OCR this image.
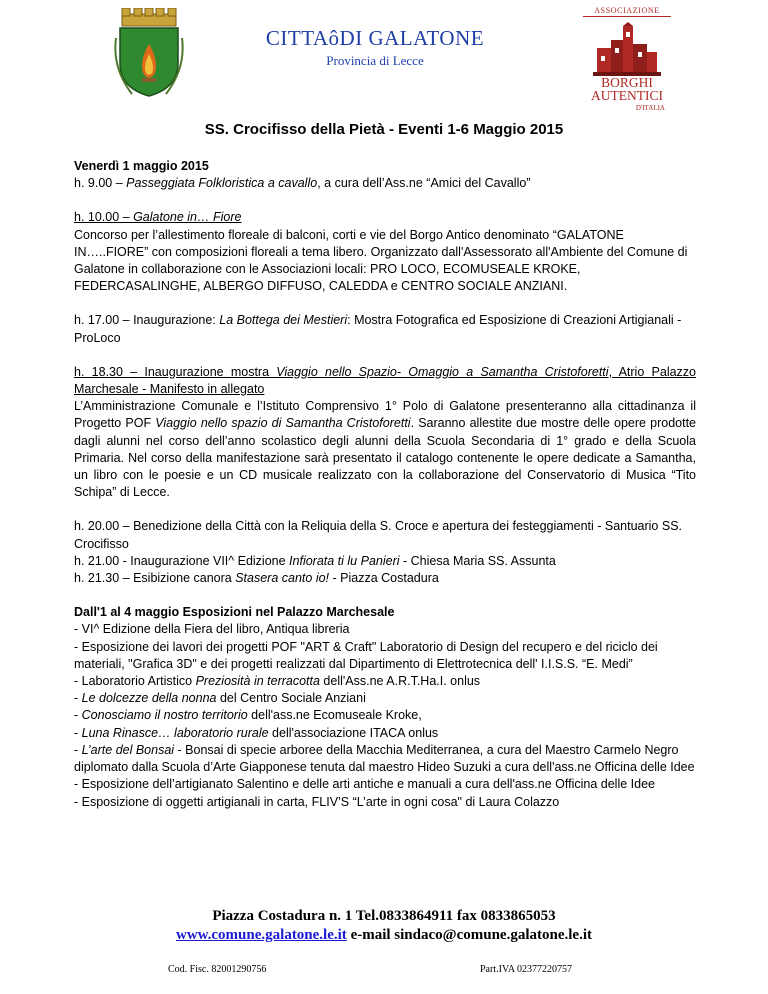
CITTAôDI GALATONE
Provincia di Lecce
ASSOCIAZIONE
BORGHI
AUTENTICI
D'ITALIA
SS. Crocifisso della Pietà - Eventi 1-6 Maggio 2015

Venerdì 1 maggio 2015

h. 9.00 – Passeggiata Folkloristica a cavallo, a cura dell’Ass.ne “Amici del Cavallo”

h. 10.00 – Galatone in… Fiore

Concorso per l’allestimento floreale di balconi, corti e vie del Borgo Antico denominato “GALATONE IN…..FIORE” con composizioni floreali a tema libero. Organizzato dall'Assessorato all'Ambiente del Comune di Galatone in collaborazione con le Associazioni locali: PRO LOCO, ECOMUSEALE KROKE, FEDERCASALINGHE, ALBERGO DIFFUSO, CALEDDA e CENTRO SOCIALE ANZIANI.

h. 17.00 – Inaugurazione: La Bottega dei Mestieri: Mostra Fotografica ed Esposizione di Creazioni Artigianali - ProLoco

h. 18.30 – Inaugurazione mostra Viaggio nello Spazio- Omaggio a Samantha Cristoforetti, Atrio Palazzo Marchesale - Manifesto in allegato

L’Amministrazione Comunale e l’Istituto Comprensivo 1° Polo di Galatone presenteranno alla cittadinanza il Progetto POF Viaggio nello spazio di Samantha Cristoforetti. Saranno allestite due mostre delle opere prodotte dagli alunni nel corso dell’anno scolastico degli alunni della Scuola Secondaria di 1° grado e della Scuola Primaria. Nel corso della manifestazione sarà presentato il catalogo contenente le opere dedicate a Samantha, un libro con le poesie e un CD musicale realizzato con la collaborazione del Conservatorio di Musica “Tito Schipa” di Lecce.

h. 20.00 – Benedizione della Città con la Reliquia della S. Croce e apertura dei festeggiamenti - Santuario SS. Crocifisso

h. 21.00 - Inaugurazione VII^ Edizione Infiorata ti lu Panieri - Chiesa Maria SS. Assunta

h. 21.30 – Esibizione canora Stasera canto io! - Piazza Costadura

Dall'1 al 4 maggio Esposizioni nel Palazzo Marchesale

- VI^ Edizione della Fiera del libro, Antiqua libreria

- Esposizione dei lavori dei progetti POF "ART & Craft" Laboratorio di Design del recupero e del riciclo dei materiali, "Grafica 3D" e dei progetti realizzati dal Dipartimento di Elettrotecnica dell' I.I.S.S. “E. Medi”

- Laboratorio Artistico Preziosità in terracotta dell'Ass.ne A.R.T.Ha.I. onlus

- Le dolcezze della nonna del Centro Sociale Anziani

- Conosciamo il nostro territorio dell'ass.ne Ecomuseale Kroke,

- Luna Rinasce… laboratorio rurale dell'associazione ITACA onlus

- L’arte del Bonsai - Bonsai di specie arboree della Macchia Mediterranea, a cura del Maestro Carmelo Negro diplomato dalla Scuola d’Arte Giapponese tenuta dal maestro Hideo Suzuki a cura dell'ass.ne Officina delle Idee

- Esposizione dell’artigianato Salentino e delle arti antiche e manuali a cura dell'ass.ne Officina delle Idee

- Esposizione di oggetti artigianali in carta, FLIV’S “L’arte in ogni cosa" di Laura Colazzo

Piazza Costadura n. 1 Tel.0833864911 fax 0833865053
www.comune.galatone.le.it e-mail sindaco@comune.galatone.le.it
Cod. Fisc. 82001290756	Part.IVA 02377220757
